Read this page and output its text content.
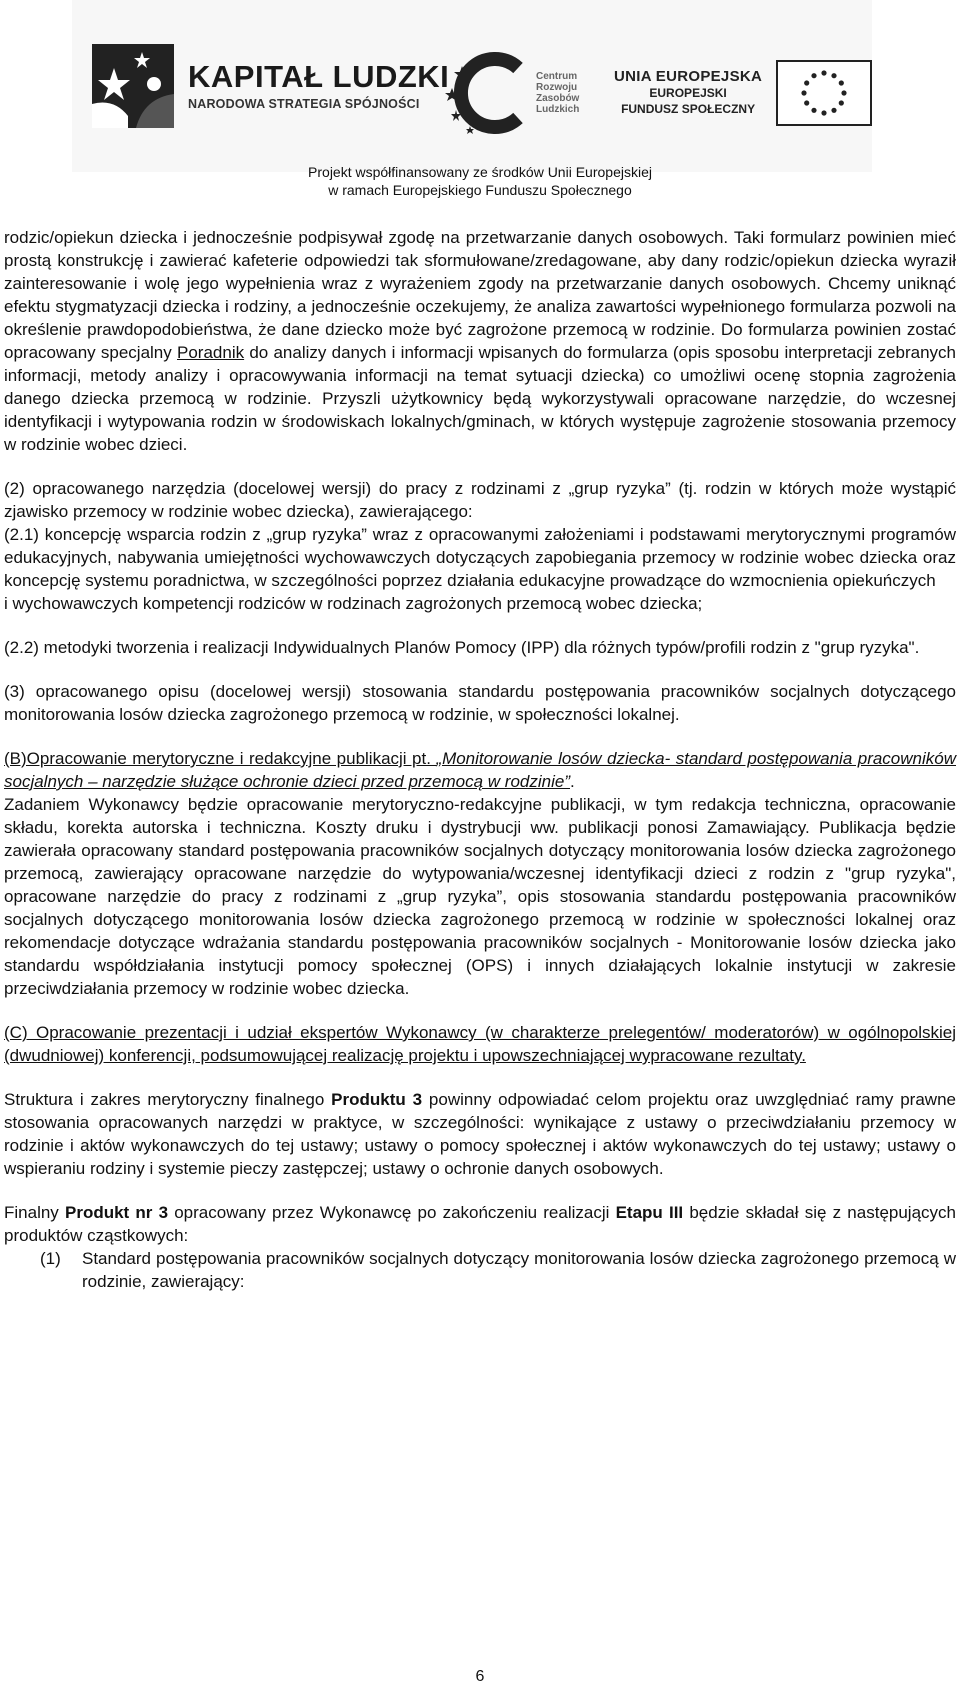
KAPITAŁ LUDZKI
NARODOWA STRATEGIA SPÓJNOŚCI
Centrum
Rozwoju
Zasobów
Ludzkich
UNIA EUROPEJSKA
EUROPEJSKI
FUNDUSZ SPOŁECZNY
Projekt współfinansowany ze środków Unii Europejskiej
w ramach Europejskiego Funduszu Społecznego

rodzic/opiekun dziecka i jednocześnie podpisywał zgodę na przetwarzanie danych osobowych. Taki formularz powinien mieć prostą konstrukcję i zawierać kafeterie odpowiedzi tak sformułowane/zredagowane, aby dany rodzic/opiekun dziecka wyraził zainteresowanie i wolę jego wypełnienia wraz z wyrażeniem zgody na przetwarzanie danych osobowych. Chcemy uniknąć efektu stygmatyzacji dziecka i rodziny, a jednocześnie oczekujemy, że analiza zawartości wypełnionego formularza pozwoli na określenie prawdopodobieństwa, że dane dziecko może być zagrożone przemocą w rodzinie. Do formularza powinien zostać opracowany specjalny Poradnik do analizy danych i informacji wpisanych do formularza (opis sposobu interpretacji zebranych informacji, metody analizy i opracowywania informacji na temat sytuacji dziecka) co umożliwi ocenę stopnia zagrożenia danego dziecka przemocą w rodzinie. Przyszli użytkownicy będą wykorzystywali opracowane narzędzie, do wczesnej identyfikacji i wytypowania rodzin w środowiskach lokalnych/gminach, w których występuje zagrożenie stosowania przemocy w rodzinie wobec dzieci.

(2) opracowanego narzędzia (docelowej wersji) do pracy z rodzinami z „grup ryzyka” (tj. rodzin w których może wystąpić zjawisko przemocy w rodzinie wobec dziecka), zawierającego:

(2.1) koncepcję wsparcia rodzin z „grup ryzyka” wraz z opracowanymi założeniami i podstawami merytorycznymi programów edukacyjnych, nabywania umiejętności wychowawczych dotyczących zapobiegania przemocy w rodzinie wobec dziecka oraz koncepcję systemu poradnictwa, w szczególności poprzez działania edukacyjne prowadzące do wzmocnienia opiekuńczych
i wychowawczych kompetencji rodziców w rodzinach zagrożonych przemocą wobec dziecka;

(2.2) metodyki tworzenia i realizacji Indywidualnych Planów Pomocy (IPP) dla różnych typów/profili rodzin z "grup ryzyka".

(3) opracowanego opisu (docelowej wersji) stosowania standardu postępowania pracowników socjalnych dotyczącego monitorowania losów dziecka zagrożonego przemocą w rodzinie, w społeczności lokalnej.

(B)Opracowanie merytoryczne i redakcyjne publikacji pt. „Monitorowanie losów dziecka- standard postępowania pracowników socjalnych – narzędzie służące ochronie dzieci przed przemocą w rodzinie”.

Zadaniem Wykonawcy będzie opracowanie merytoryczno-redakcyjne publikacji, w tym redakcja techniczna, opracowanie składu, korekta autorska i techniczna. Koszty druku i dystrybucji ww. publikacji ponosi Zamawiający. Publikacja będzie zawierała opracowany standard postępowania pracowników socjalnych dotyczący monitorowania losów dziecka zagrożonego przemocą, zawierający opracowane narzędzie do wytypowania/wczesnej identyfikacji dzieci z rodzin z "grup ryzyka", opracowane narzędzie do pracy z rodzinami z „grup ryzyka”, opis stosowania standardu postępowania pracowników socjalnych dotyczącego monitorowania losów dziecka zagrożonego przemocą w rodzinie w społeczności lokalnej oraz rekomendacje dotyczące wdrażania standardu postępowania pracowników socjalnych - Monitorowanie losów dziecka jako standardu współdziałania instytucji pomocy społecznej (OPS) i innych działających lokalnie instytucji w zakresie przeciwdziałania przemocy w rodzinie wobec dziecka.

(C) Opracowanie prezentacji i udział ekspertów Wykonawcy (w charakterze prelegentów/ moderatorów) w ogólnopolskiej (dwudniowej) konferencji, podsumowującej realizację projektu i upowszechniającej wypracowane rezultaty.

Struktura i zakres merytoryczny finalnego Produktu 3 powinny odpowiadać celom projektu oraz uwzględniać ramy prawne stosowania opracowanych narzędzi w praktyce, w szczególności: wynikające z ustawy o przeciwdziałaniu przemocy w rodzinie i aktów wykonawczych do tej ustawy; ustawy o pomocy społecznej i aktów wykonawczych do tej ustawy; ustawy o wspieraniu rodziny i systemie pieczy zastępczej; ustawy o ochronie danych osobowych.

Finalny Produkt nr 3 opracowany przez Wykonawcę po zakończeniu realizacji Etapu III będzie składał się z następujących produktów cząstkowych:

(1)	Standard postępowania pracowników socjalnych dotyczący monitorowania losów dziecka zagrożonego przemocą w rodzinie, zawierający:
6
